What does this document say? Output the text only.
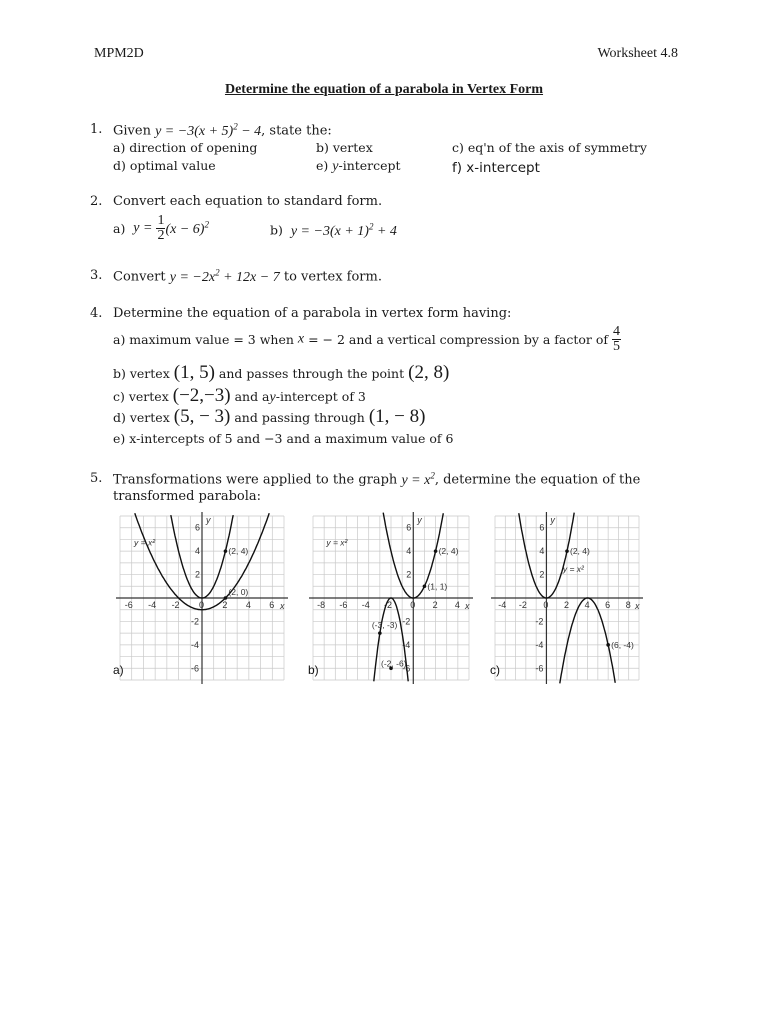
MPM2D	Worksheet 4.8
Determine the equation of a parabola in Vertex Form
1. Given $y = -3(x + 5)^2 - 4$, state the:
a) direction of opening	b) vertex	c) eq'n of the axis of symmetry
d) optimal value	e) y-intercept	f) x-intercept
2. Convert each equation to standard form.
a) $y = \frac{1}{2} (x - 6)^2$	b) $y = -3(x + 1)^2 + 4$
3. Convert $y = -2x^2 + 12x - 7$ to vertex form.
4. Determine the equation of a parabola in vertex form having:
a) maximum value = 3 when x = − 2 and a vertical compression by a factor of $\frac{4}{5}$
b) vertex (1, 5) and passes through the point (2, 8)
c) vertex (−2,−3) and ay-intercept of 3
d) vertex (5, − 3) and passing through (1, − 8)
e) x-intercepts of 5 and −3 and a maximum value of 6
5. Transformations were applied to the graph $y = x^2$, determine the equation of the
transformed parabola:
x
y
-6 -4 -2 0 2 4 6
6
4
2
-2
-4
-6
y = x²
(2, 4)
(2, 0)
a)
x
y
-8 -6 -4 -2 0 2 4
6
4
2
-2
-4
-6
y = x²
(2, 4)
(1, 1)
(-3, -3)
(-2, -6)
b)
x
y
-4 -2 0 2 4 6 8
6
4
2
-2
-4
-6
y = x²
(2, 4)
(6, -4)
c)
